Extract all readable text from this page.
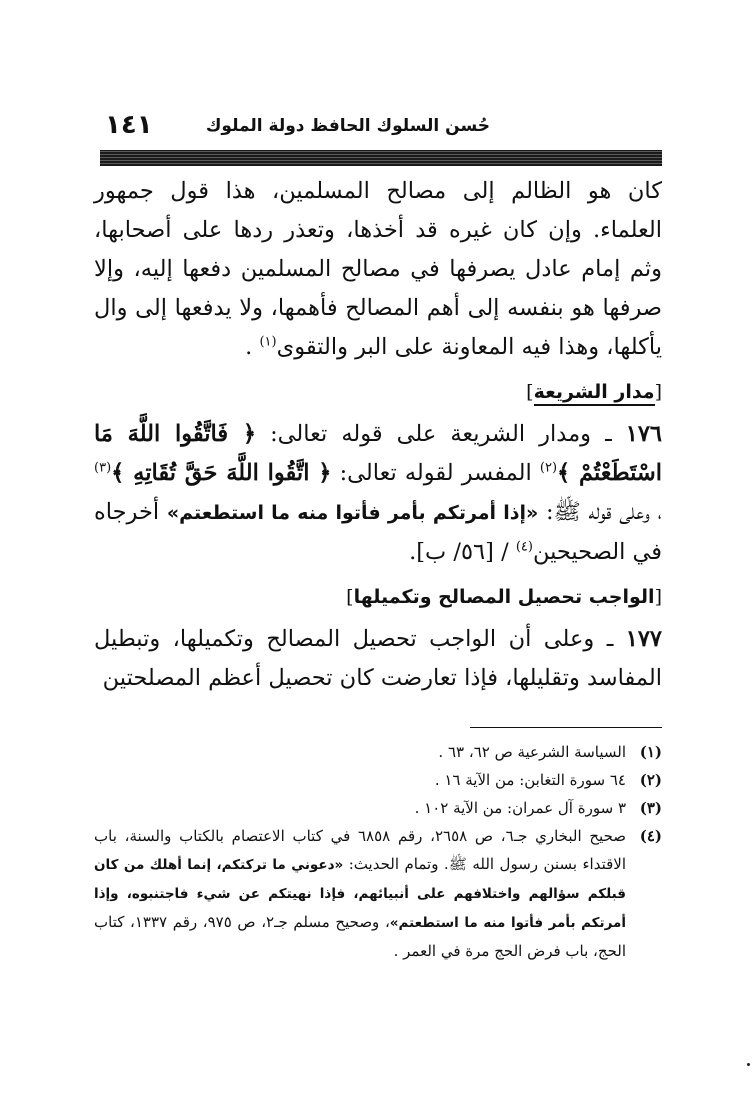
حُسن السلوك الحافظ دولة الملوك
١٤١

كان هو الظالم إلى مصالح المسلمين، هذا قول جمهور العلماء. وإن كان غيره قد أخذها، وتعذر ردها على أصحابها، وثم إمام عادل يصرفها في مصالح المسلمين دفعها إليه، وإلا صرفها هو بنفسه إلى أهم المصالح فأهمها، ولا يدفعها إلى وال يأكلها، وهذا فيه المعاونة على البر والتقوى$^{(١)}$ .

[مدار الشريعة]

١٧٦ ـ ومدار الشريعة على قوله تعالى: ﴿ فَاتَّقُوا اللَّهَ مَا اسْتَطَعْتُمْ ﴾$^{(٢)}$ المفسر لقوله تعالى: ﴿ اتَّقُوا اللَّهَ حَقَّ تُقَاتِهِ ﴾$^{(٣)}$ ، وعلى قوله ﷺ: «إذا أمرتكم بأمر فأتوا منه ما استطعتم» أخرجاه في الصحيحين$^{(٤)}$ / [٥٦/ ب].

[الواجب تحصيل المصالح وتكميلها]

١٧٧ ـ وعلى أن الواجب تحصيل المصالح وتكميلها، وتبطيل المفاسد وتقليلها، فإذا تعارضت كان تحصيل أعظم المصلحتين

(١)
السياسة الشرعية ص ٦٢، ٦٣ .
(٢)
٦٤ سورة التغابن: من الآية ١٦ .
(٣)
٣ سورة آل عمران: من الآية ١٠٢ .
(٤)
صحيح البخاري جـ٦، ص ٢٦٥٨، رقم ٦٨٥٨ في كتاب الاعتصام بالكتاب والسنة، باب الاقتداء بسنن رسول الله ﷺ. وتمام الحديث: «دعوني ما تركتكم، إنما أهلك من كان قبلكم سؤالهم واختلافهم على أنبيائهم، فإذا نهيتكم عن شيء فاجتنبوه، وإذا أمرتكم بأمر فأتوا منه ما استطعتم»، وصحيح مسلم جـ٢، ص ٩٧٥، رقم ١٣٣٧، كتاب الحج، باب فرض الحج مرة في العمر .
